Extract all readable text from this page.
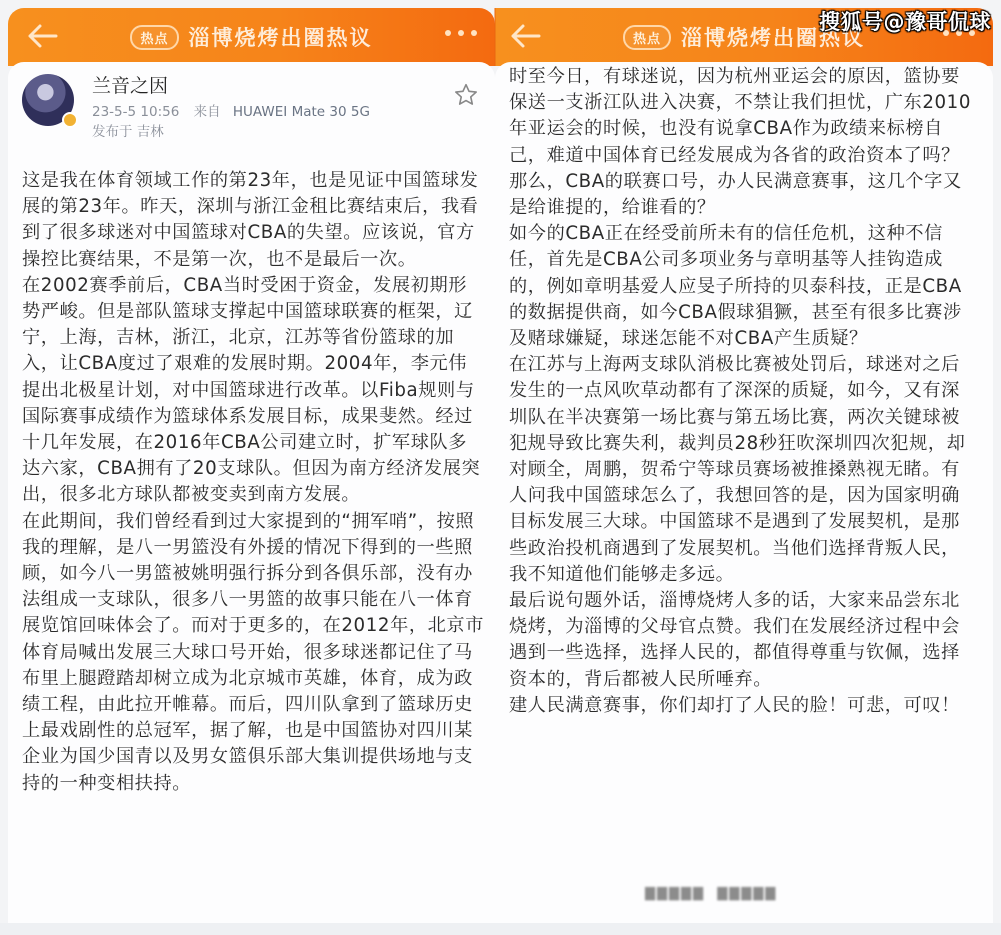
热点 淄博烧烤出圈热议
兰音之因
23-5-5 10:56 来自 HUAWEI Mate 30 5G
发布于 吉林

这是我在体育领域工作的第23年，也是见证中国篮球发展的第23年。昨天，深圳与浙江金租比赛结束后，我看到了很多球迷对中国篮球对CBA的失望。应该说，官方操控比赛结果，不是第一次，也不是最后一次。

在2002赛季前后，CBA当时受困于资金，发展初期形势严峻。但是部队篮球支撑起中国篮球联赛的框架，辽宁，上海，吉林，浙江，北京，江苏等省份篮球的加入，让CBA度过了艰难的发展时期。2004年，李元伟提出北极星计划，对中国篮球进行改革。以Fiba规则与国际赛事成绩作为篮球体系发展目标，成果斐然。经过十几年发展，在2016年CBA公司建立时，扩军球队多达六家，CBA拥有了20支球队。但因为南方经济发展突出，很多北方球队都被变卖到南方发展。

在此期间，我们曾经看到过大家提到的“拥军哨”，按照我的理解，是八一男篮没有外援的情况下得到的一些照顾，如今八一男篮被姚明强行拆分到各俱乐部，没有办法组成一支球队，很多八一男篮的故事只能在八一体育展览馆回味体会了。而对于更多的，在2012年，北京市体育局喊出发展三大球口号开始，很多球迷都记住了马布里上腿蹬踏却树立成为北京城市英雄，体育，成为政绩工程，由此拉开帷幕。而后，四川队拿到了篮球历史上最戏剧性的总冠军，据了解，也是中国篮协对四川某企业为国少国青以及男女篮俱乐部大集训提供场地与支持的一种变相扶持。

热点 淄博烧烤出圈热议

时至今日，有球迷说，因为杭州亚运会的原因，篮协要保送一支浙江队进入决赛，不禁让我们担忧，广东2010年亚运会的时候，也没有说拿CBA作为政绩来标榜自己，难道中国体育已经发展成为各省的政治资本了吗？

那么，CBA的联赛口号，办人民满意赛事，这几个字又是给谁提的，给谁看的？

如今的CBA正在经受前所未有的信任危机，这种不信任，首先是CBA公司多项业务与章明基等人挂钩造成的，例如章明基爱人应旻子所持的贝泰科技，正是CBA的数据提供商，如今CBA假球猖獗，甚至有很多比赛涉及赌球嫌疑，球迷怎能不对CBA产生质疑？

在江苏与上海两支球队消极比赛被处罚后，球迷对之后发生的一点风吹草动都有了深深的质疑，如今，又有深圳队在半决赛第一场比赛与第五场比赛，两次关键球被犯规导致比赛失利，裁判员28秒狂吹深圳四次犯规，却对顾全，周鹏，贺希宁等球员赛场被推搡熟视无睹。有人问我中国篮球怎么了，我想回答的是，因为国家明确目标发展三大球。中国篮球不是遇到了发展契机，是那些政治投机商遇到了发展契机。当他们选择背叛人民，我不知道他们能够走多远。

最后说句题外话，淄博烧烤人多的话，大家来品尝东北烧烤，为淄博的父母官点赞。我们在发展经济过程中会遇到一些选择，选择人民的，都值得尊重与钦佩，选择资本的，背后都被人民所唾弃。

建人民满意赛事，你们却打了人民的脸！可悲，可叹！

▇▇▇▇▇  ▇▇▇▇▇
搜狐号@豫哥侃球
